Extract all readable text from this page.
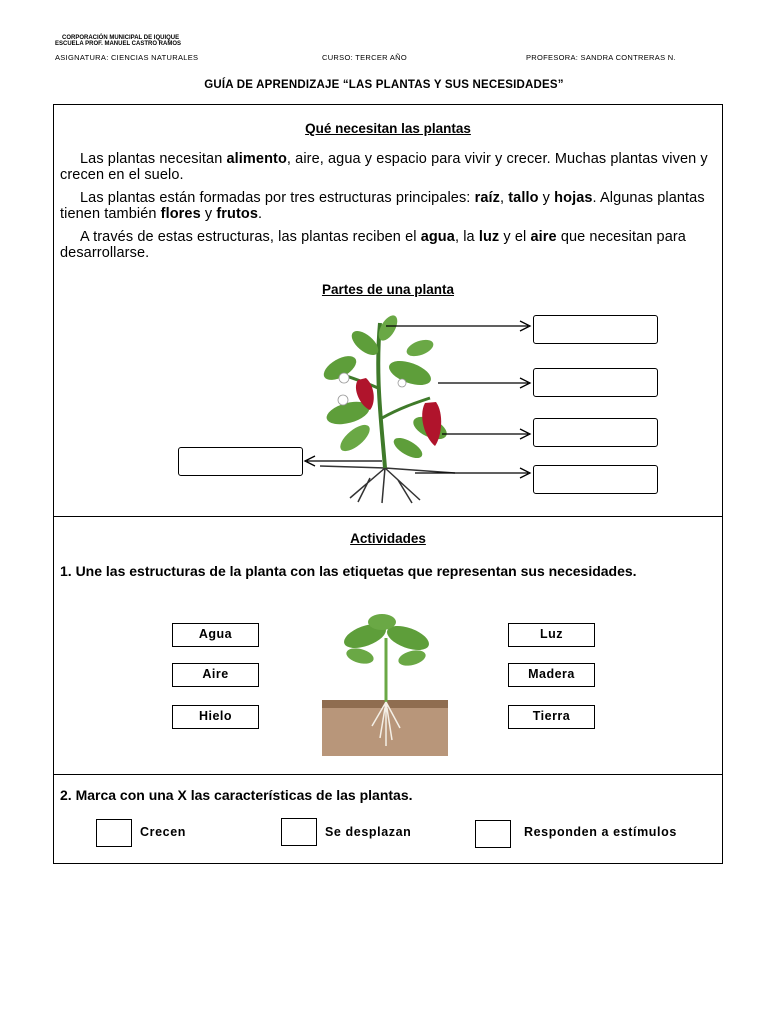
CORPORACIÓN MUNICIPAL DE IQUIQUE
ESCUELA PROF. MANUEL CASTRO RAMOS
ASIGNATURA: CIENCIAS NATURALES	CURSO: TERCER AÑO	PROFESORA: SANDRA CONTRERAS N.
GUÍA DE APRENDIZAJE “LAS PLANTAS Y SUS NECESIDADES”
Qué necesitan las plantas

Las plantas necesitan alimento, aire, agua y espacio para vivir y crecer. Muchas plantas viven y crecen en el suelo.

Las plantas están formadas por tres estructuras principales: raíz, tallo y hojas. Algunas plantas tienen también flores y frutos.

A través de estas estructuras, las plantas reciben el agua, la luz y el aire que necesitan para desarrollarse.

Partes de una planta
Actividades
1. Une las estructuras de la planta con las etiquetas que representan sus necesidades.
Agua
Aire
Hielo
Luz
Madera
Tierra
2. Marca con una X las características de las plantas.
Crecen	Se desplazan	Responden a estímulos
